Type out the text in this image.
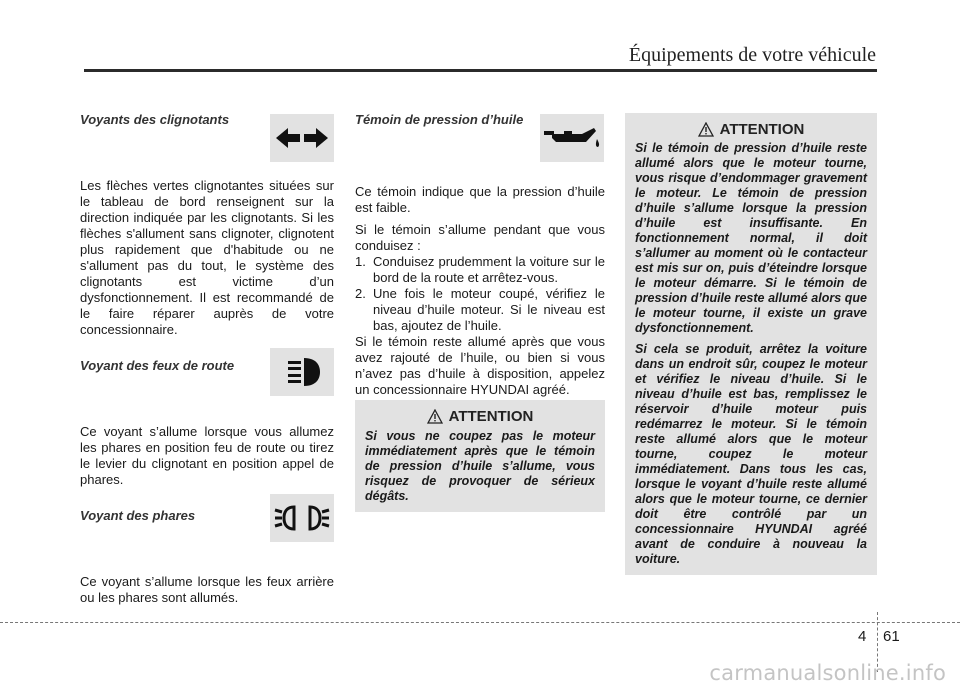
Équipements de votre véhicule

Voyants des clignotants

Les flèches vertes clignotantes situées sur le tableau de bord renseignent sur la direction indiquée par les clignotants. Si les flèches s'allument sans clignoter, clignotent plus rapidement que d'habitude ou ne s'allument pas du tout, le système des clignotants est victime d’un dysfonctionnement. Il est recommandé de le faire réparer auprès de votre concessionnaire.

Voyant des feux de route

Ce voyant s’allume lorsque vous allumez les phares en position feu de route ou tirez le levier du clignotant en position appel de phares.

Voyant des phares

Ce voyant s’allume lorsque les feux arrière ou les phares sont allumés.

Témoin de pression d’huile

Ce témoin indique que la pression d’huile est faible.

Si le témoin s’allume pendant que vous conduisez :

1. Conduisez prudemment la voiture sur le bord de la route et arrêtez-vous.
2. Une fois le moteur coupé, vérifiez le niveau d’huile moteur. Si le niveau est bas, ajoutez de l’huile.

Si le témoin reste allumé après que vous avez rajouté de l’huile, ou bien si vous n’avez pas d’huile à disposition, appelez un concessionnaire HYUNDAI agréé.

ATTENTION

Si vous ne coupez pas le moteur immédiatement après que le témoin de pression d’huile s’allume, vous risquez de provoquer de sérieux dégâts.

ATTENTION

Si le témoin de pression d’huile reste allumé alors que le moteur tourne, vous risque d’endommager gravement le moteur. Le témoin de pression d’huile s’allume lorsque la pression d’huile est insuffisante. En fonctionnement normal, il doit s’allumer au moment où le contacteur est mis sur on, puis d’éteindre lorsque le moteur démarre. Si le témoin de pression d’huile reste allumé alors que le moteur tourne, il existe un grave dysfonctionnement.

Si cela se produit, arrêtez la voiture dans un endroit sûr, coupez le moteur et vérifiez le niveau d’huile. Si le niveau d’huile est bas, remplissez le réservoir d’huile moteur puis redémarrez le moteur. Si le témoin reste allumé alors que le moteur tourne, coupez le moteur immédiatement. Dans tous les cas, lorsque le voyant d’huile reste allumé alors que le moteur tourne, ce dernier doit être contrôlé par un concessionnaire HYUNDAI agréé avant de conduire à nouveau la voiture.

4 61
carmanualsonline.info
